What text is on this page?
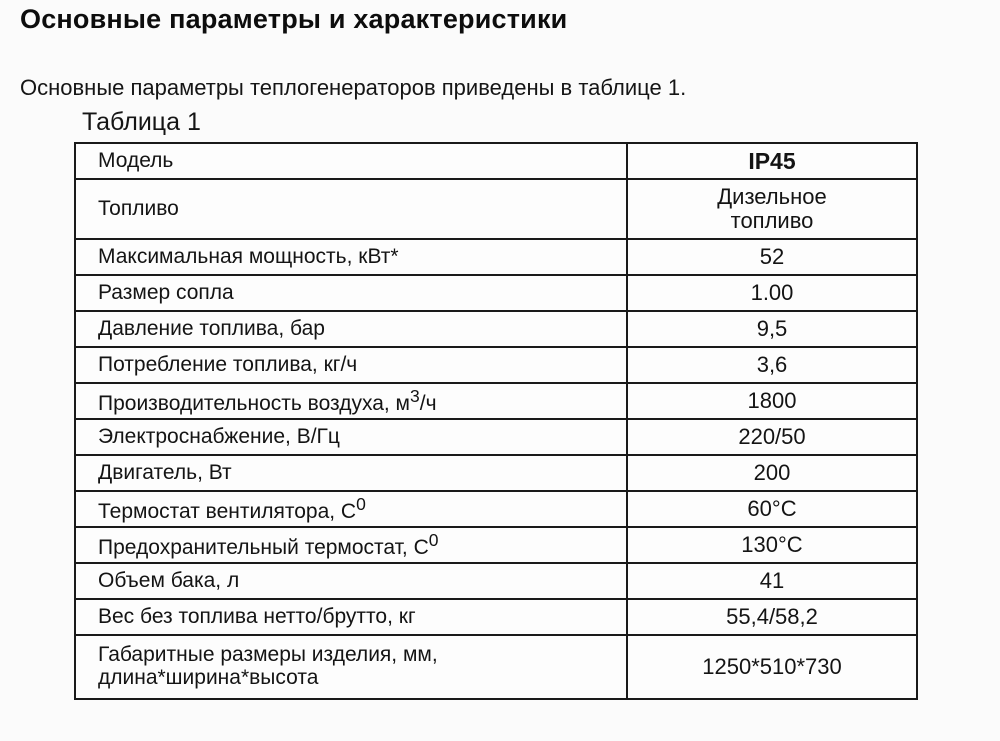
Основные параметры и характеристики
Основные параметры теплогенераторов приведены в таблице 1.
Таблица 1
Модель	IP45
Топливо	Дизельное
топливо

Максимальная мощность, кВт*	52
Размер сопла	1.00
Давление топлива, бар	9,5
Потребление топлива, кг/ч	3,6
Производительность воздуха, $м^3/ч$	1800
Электроснабжение, В/Гц	220/50
Двигатель, Вт	200
Термостат вентилятора, $С^0$	60°С
Предохранительный термостат, $С^0$	130°С
Объем бака, л	41
Вес без топлива нетто/брутто, кг	55,4/58,2

Габаритные размеры изделия, мм,
длина*ширина*высота	1250*510*730
